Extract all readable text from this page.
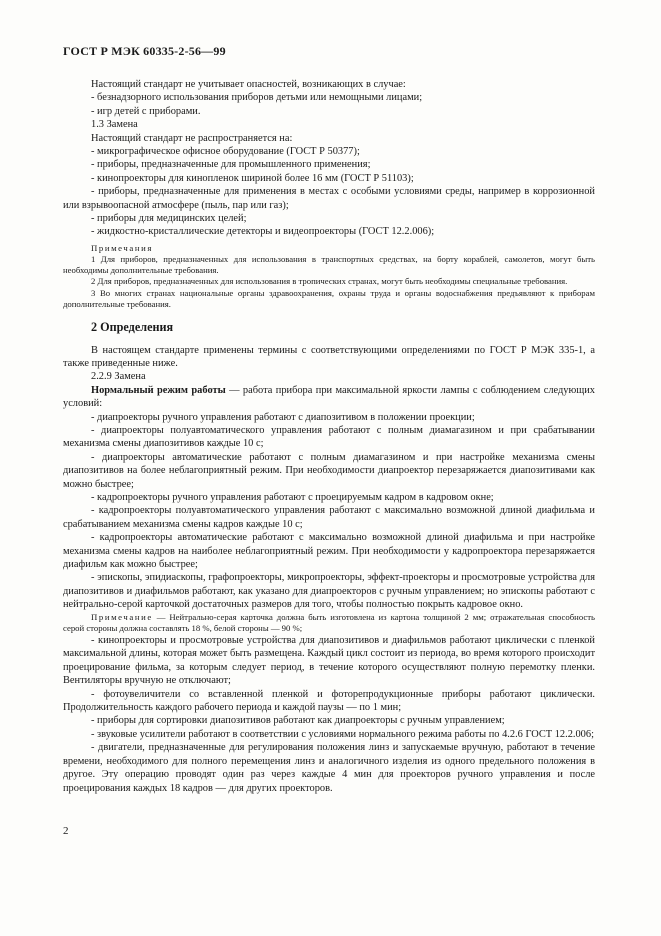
ГОСТ Р МЭК 60335-2-56—99

Настоящий стандарт не учитывает опасностей, возникающих в случае:

- безнадзорного использования приборов детьми или немощными лицами;

- игр детей с приборами.

1.3 Замена

Настоящий стандарт не распространяется на:

- микрографическое офисное оборудование (ГОСТ Р 50377);

- приборы, предназначенные для промышленного применения;

- кинопроекторы для кинопленок шириной более 16 мм (ГОСТ Р 51103);

- приборы, предназначенные для применения в местах с особыми условиями среды, например в коррозионной или взрывоопасной атмосфере (пыль, пар или газ);

- приборы для медицинских целей;

- жидкостно-кристаллические детекторы и видеопроекторы (ГОСТ 12.2.006);

Примечания

1 Для приборов, предназначенных для использования в транспортных средствах, на борту кораблей, самолетов, могут быть необходимы дополнительные требования.

2 Для приборов, предназначенных для использования в тропических странах, могут быть необходимы специальные требования.

3 Во многих странах национальные органы здравоохранения, охраны труда и органы водоснабжения предъявляют к приборам дополнительные требования.

2 Определения

В настоящем стандарте применены термины с соответствующими определениями по ГОСТ Р МЭК 335-1, а также приведенные ниже.

2.2.9 Замена

Нормальный режим работы — работа прибора при максимальной яркости лампы с соблюдением следующих условий:

- диапроекторы ручного управления работают с диапозитивом в положении проекции;

- диапроекторы полуавтоматического управления работают с полным диамагазином и при срабатывании механизма смены диапозитивов каждые 10 с;

- диапроекторы автоматические работают с полным диамагазином и при настройке механизма смены диапозитивов на более неблагоприятный режим. При необходимости диапроектор перезаряжается диапозитивами как можно быстрее;

- кадропроекторы ручного управления работают с проецируемым кадром в кадровом окне;

- кадропроекторы полуавтоматического управления работают с максимально возможной длиной диафильма и срабатыванием механизма смены кадров каждые 10 с;

- кадропроекторы автоматические работают с максимально возможной длиной диафильма и при настройке механизма смены кадров на наиболее неблагоприятный режим. При необходимости у кадропроектора перезаряжается диафильм как можно быстрее;

- эпископы, эпидиаскопы, графопроекторы, микропроекторы, эффект-проекторы и просмотровые устройства для диапозитивов и диафильмов работают, как указано для диапроекторов с ручным управлением; но эпископы работают с нейтрально-серой карточкой достаточных размеров для того, чтобы полностью покрыть кадровое окно.

Примечание — Нейтрально-серая карточка должна быть изготовлена из картона толщиной 2 мм; отражательная способность серой стороны должна составлять 18 %, белой стороны — 90 %;

- кинопроекторы и просмотровые устройства для диапозитивов и диафильмов работают циклически с пленкой максимальной длины, которая может быть размещена. Каждый цикл состоит из периода, во время которого происходит проецирование фильма, за которым следует период, в течение которого осуществляют полную перемотку пленки. Вентиляторы вручную не отключают;

- фотоувеличители со вставленной пленкой и фоторепродукционные приборы работают циклически. Продолжительность каждого рабочего периода и каждой паузы — по 1 мин;

- приборы для сортировки диапозитивов работают как диапроекторы с ручным управлением;

- звуковые усилители работают в соответствии с условиями нормального режима работы по 4.2.6 ГОСТ 12.2.006;

- двигатели, предназначенные для регулирования положения линз и запускаемые вручную, работают в течение времени, необходимого для полного перемещения линз и аналогичного изделия из одного предельного положения в другое. Эту операцию проводят один раз через каждые 4 мин для проекторов ручного управления и после проецирования каждых 18 кадров — для других проекторов.

2
